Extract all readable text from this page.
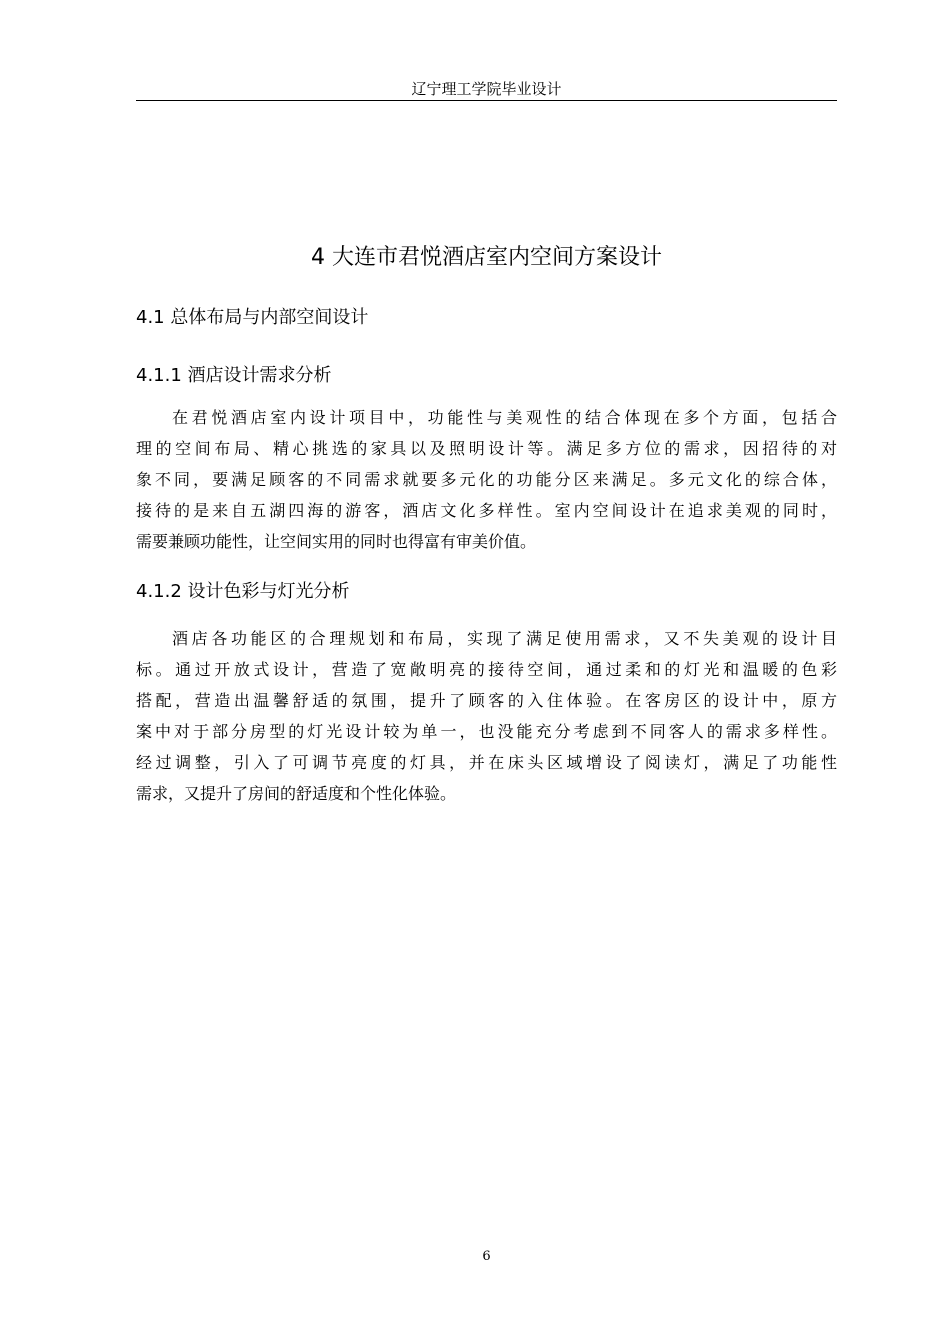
辽宁理工学院毕业设计
4 大连市君悦酒店室内空间方案设计
4.1 总体布局与内部空间设计
4.1.1 酒店设计需求分析
在君悦酒店室内设计项目中，功能性与美观性的结合体现在多个方面，包括合
理的空间布局、精心挑选的家具以及照明设计等。满足多方位的需求，因招待的对
象不同，要满足顾客的不同需求就要多元化的功能分区来满足。多元文化的综合体，
接待的是来自五湖四海的游客，酒店文化多样性。室内空间设计在追求美观的同时，
需要兼顾功能性，让空间实用的同时也得富有审美价值。
4.1.2 设计色彩与灯光分析
酒店各功能区的合理规划和布局，实现了满足使用需求，又不失美观的设计目
标。通过开放式设计，营造了宽敞明亮的接待空间，通过柔和的灯光和温暖的色彩
搭配，营造出温馨舒适的氛围，提升了顾客的入住体验。在客房区的设计中，原方
案中对于部分房型的灯光设计较为单一，也没能充分考虑到不同客人的需求多样性。
经过调整，引入了可调节亮度的灯具，并在床头区域增设了阅读灯，满足了功能性
需求，又提升了房间的舒适度和个性化体验。
6
